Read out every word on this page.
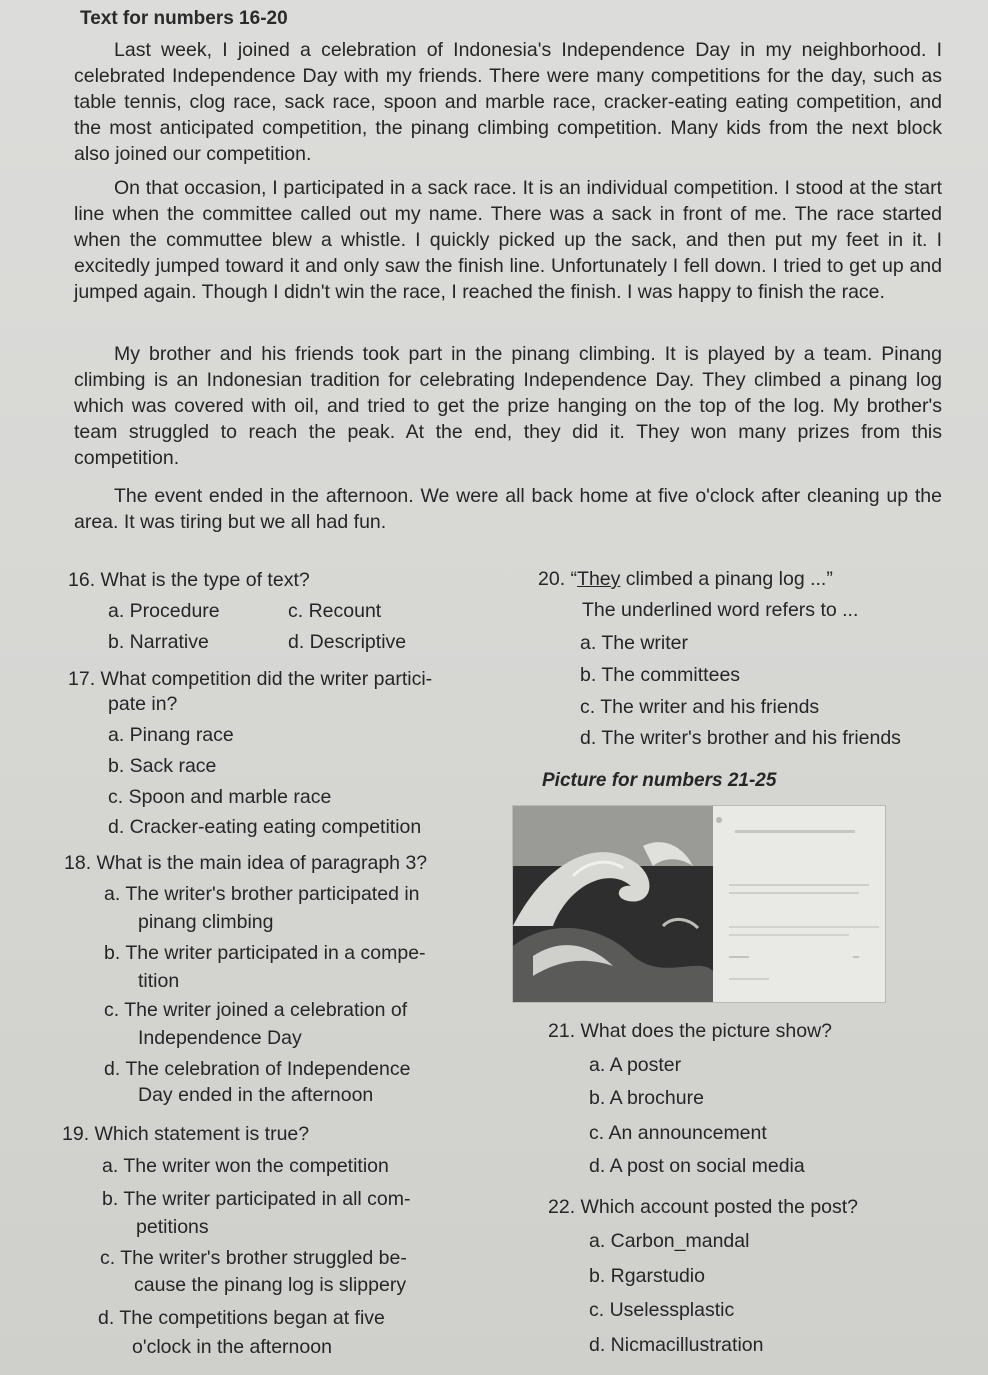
Text for numbers 16-20

Last week, I joined a celebration of Indonesia's Independence Day in my neighborhood. I celebrated Independence Day with my friends. There were many competitions for the day, such as table tennis, clog race, sack race, spoon and marble race, cracker-eating eating competition, and the most anticipated competition, the pinang climbing competition. Many kids from the next block also joined our competition.

On that occasion, I participated in a sack race. It is an individual competition. I stood at the start line when the committee called out my name. There was a sack in front of me. The race started when the commuttee blew a whistle. I quickly picked up the sack, and then put my feet in it. I excitedly jumped toward it and only saw the finish line. Unfortunately I fell down. I tried to get up and jumped again. Though I didn't win the race, I reached the finish. I was happy to finish the race.

My brother and his friends took part in the pinang climbing. It is played by a team. Pinang climbing is an Indonesian tradition for celebrating Independence Day. They climbed a pinang log which was covered with oil, and tried to get the prize hanging on the top of the log. My brother's team struggled to reach the peak. At the end, they did it. They won many prizes from this competition.

The event ended in the afternoon. We were all back home at five o'clock after cleaning up the area. It was tiring but we all had fun.

16. What is the type of text?
a. Procedure	c. Recount
b. Narrative	d. Descriptive
17. What competition did the writer partici-
pate in?
a. Pinang race
b. Sack race
c. Spoon and marble race
d. Cracker-eating eating competition
18. What is the main idea of paragraph 3?
a. The writer's brother participated in
pinang climbing
b. The writer participated in a compe-
tition
c. The writer joined a celebration of
Independence Day
d. The celebration of Independence
Day ended in the afternoon
19. Which statement is true?
a. The writer won the competition
b. The writer participated in all com-
petitions
c. The writer's brother struggled be-
cause the pinang log is slippery
d. The competitions began at five
o'clock in the afternoon
20. “They climbed a pinang log ...”
The underlined word refers to ...
a. The writer
b. The committees
c. The writer and his friends
d. The writer's brother and his friends
Picture for numbers 21-25
21. What does the picture show?
a. A poster
b. A brochure
c. An announcement
d. A post on social media
22. Which account posted the post?
a. Carbon_mandal
b. Rgarstudio
c. Uselessplastic
d. Nicmacillustration
